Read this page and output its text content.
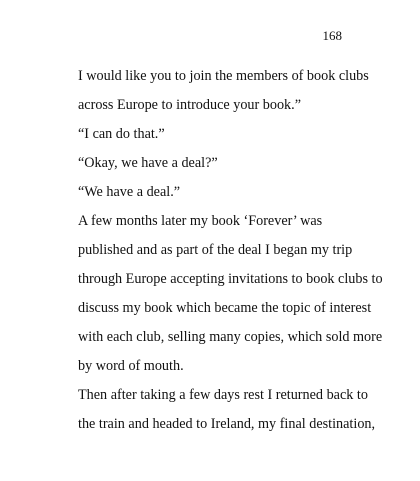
168
I would like you to join the members of book clubs
across Europe to introduce your book.”
“I can do that.”
“Okay, we have a deal?”
“We have a deal.”
A few months later my book ‘Forever’ was
published and as part of the deal I began my trip
through Europe accepting invitations to book clubs to
discuss my book which became the topic of interest
with each club, selling many copies, which sold more
by word of mouth.
Then after taking a few days rest I returned back to
the train and headed to Ireland, my final destination,
